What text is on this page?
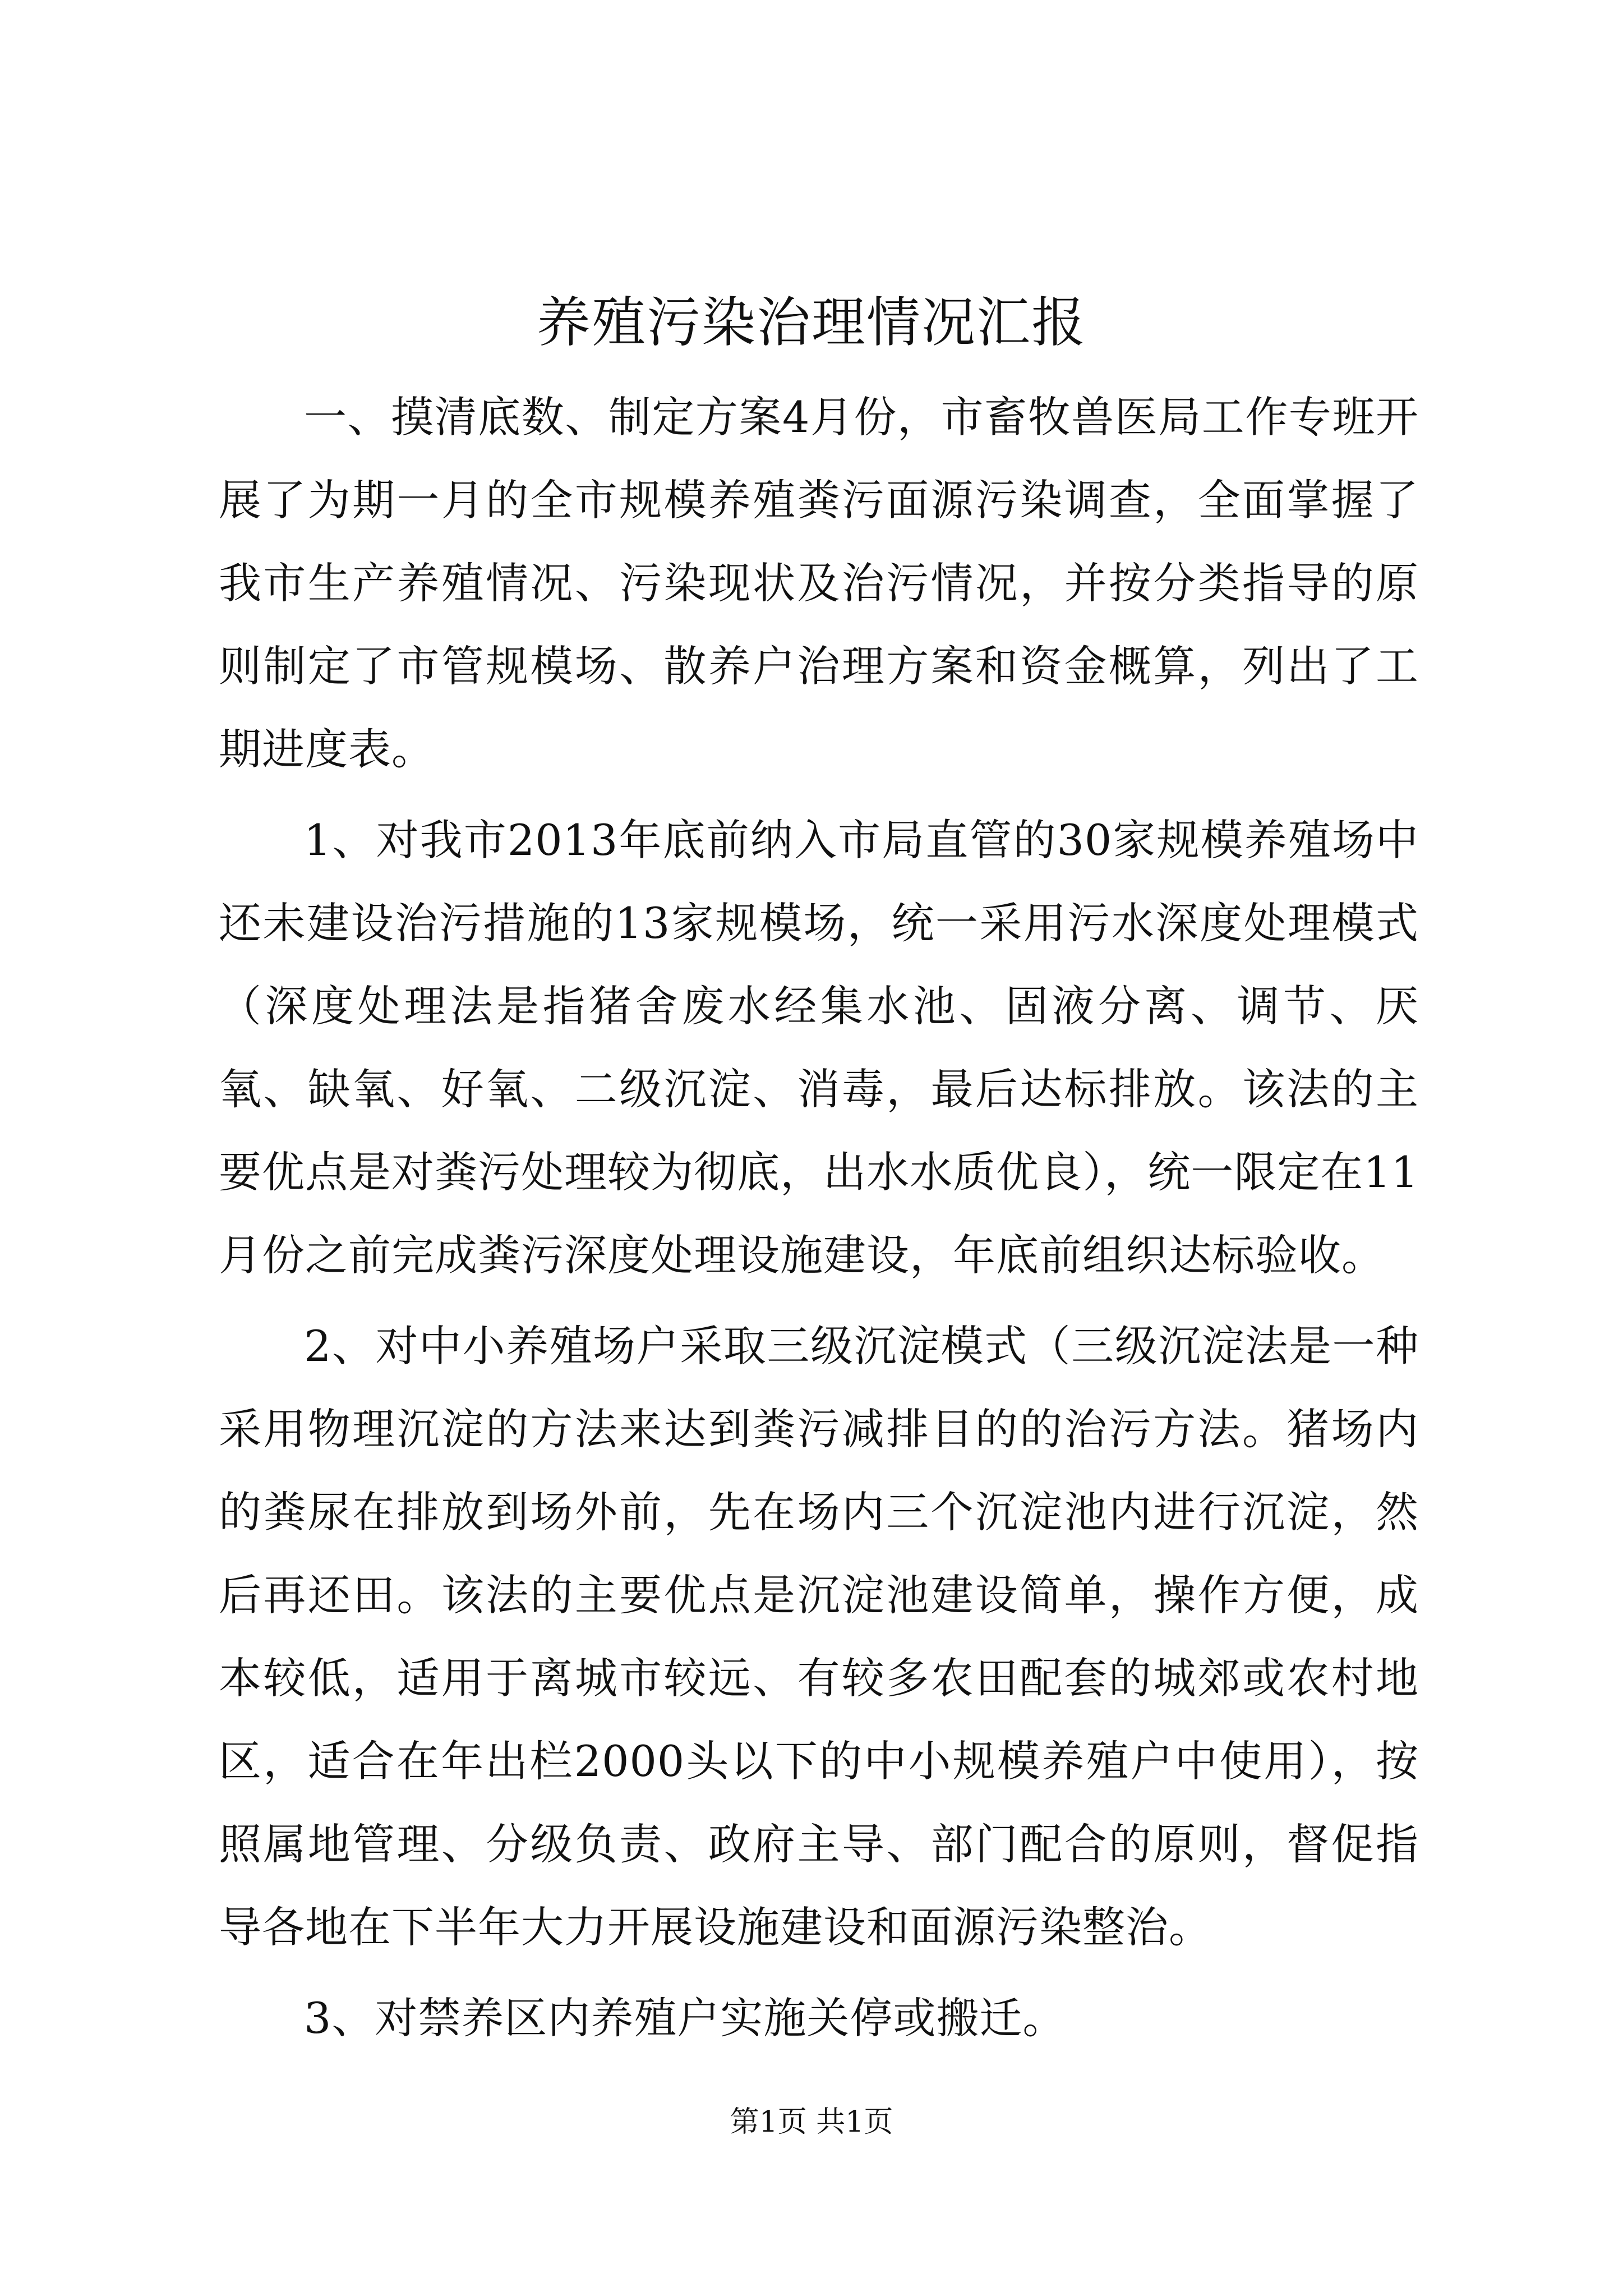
养殖污染治理情况汇报

一、摸清底数、制定方案4月份，市畜牧兽医局工作专班开展了为期一月的全市规模养殖粪污面源污染调查，全面掌握了我市生产养殖情况、污染现状及治污情况，并按分类指导的原则制定了市管规模场、散养户治理方案和资金概算，列出了工期进度表。

1、对我市2013年底前纳入市局直管的30家规模养殖场中还未建设治污措施的13家规模场，统一采用污水深度处理模式（深度处理法是指猪舍废水经集水池、固液分离、调节、厌氧、缺氧、好氧、二级沉淀、消毒，最后达标排放。该法的主要优点是对粪污处理较为彻底，出水水质优良），统一限定在11月份之前完成粪污深度处理设施建设，年底前组织达标验收。

2、对中小养殖场户采取三级沉淀模式（三级沉淀法是一种采用物理沉淀的方法来达到粪污减排目的的治污方法。猪场内的粪尿在排放到场外前，先在场内三个沉淀池内进行沉淀，然后再还田。该法的主要优点是沉淀池建设简单，操作方便，成本较低，适用于离城市较远、有较多农田配套的城郊或农村地区，适合在年出栏2000头以下的中小规模养殖户中使用），按照属地管理、分级负责、政府主导、部门配合的原则，督促指导各地在下半年大力开展设施建设和面源污染整治。

3、对禁养区内养殖户实施关停或搬迁。

第1页 共1页
